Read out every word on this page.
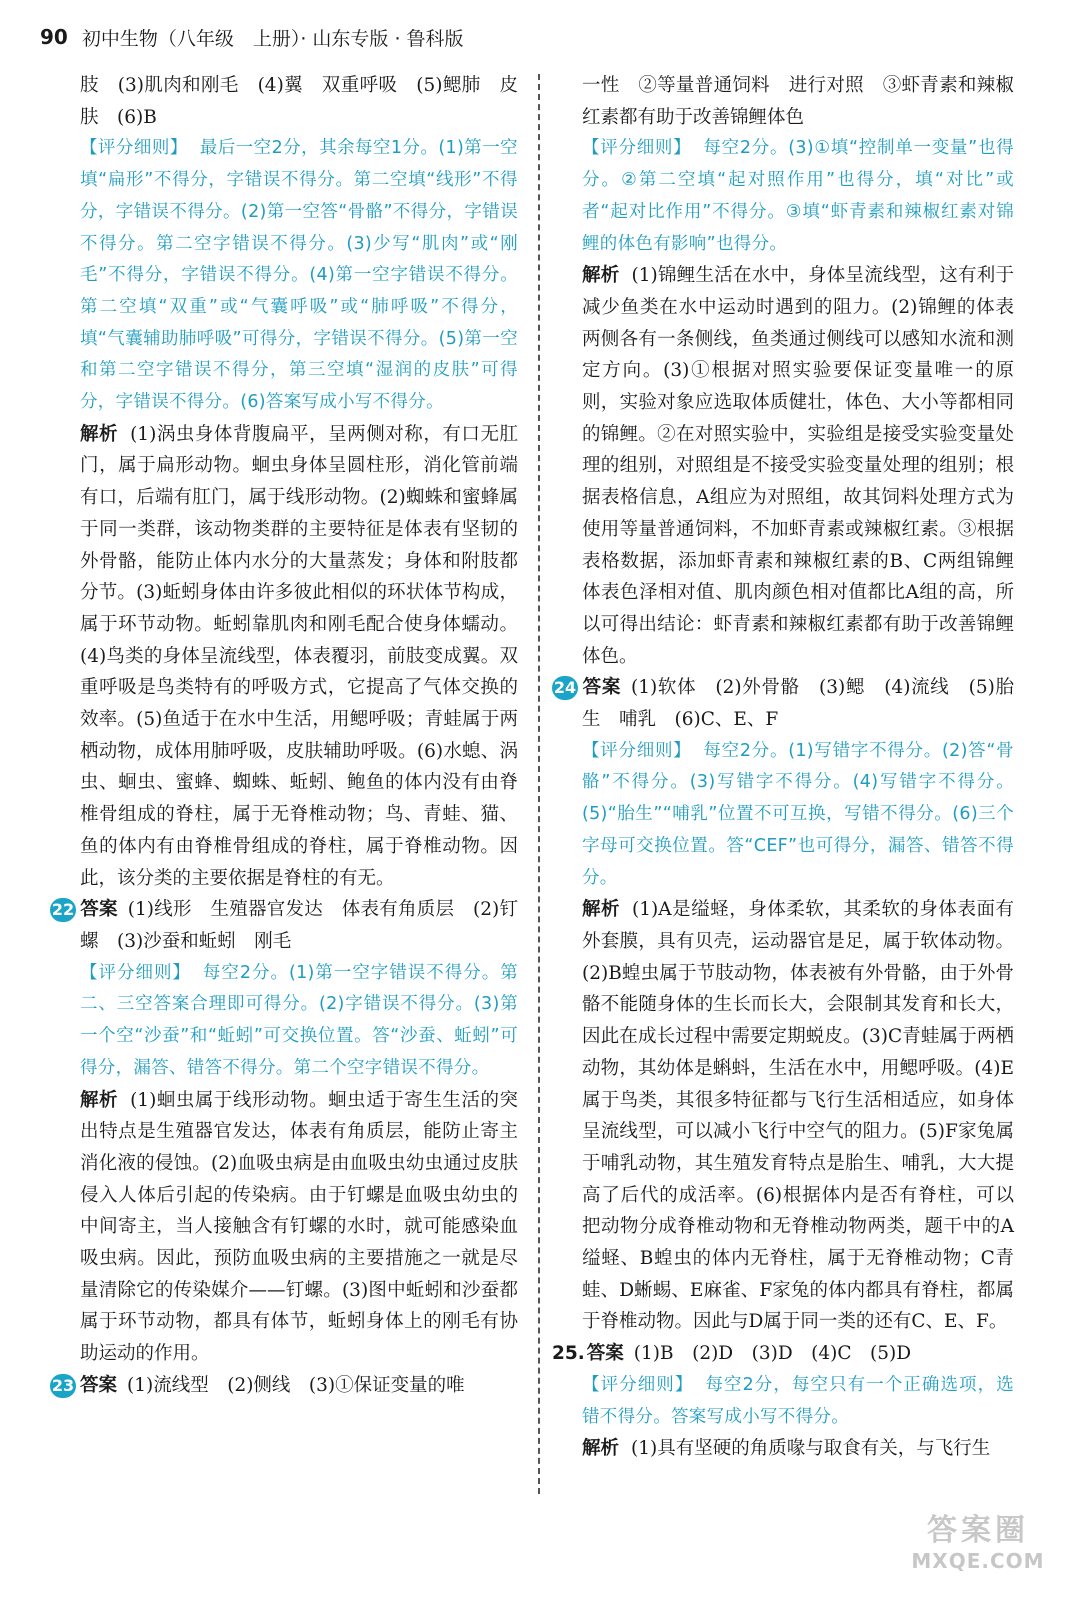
90 初中生物（八年级　上册）· 山东专版 · 鲁科版

肢　(3)肌肉和刚毛　(4)翼　双重呼吸　(5)鳃肺　皮肤　(6)B

【评分细则】 最后一空2分，其余每空1分。(1)第一空填“扁形”不得分，字错误不得分。第二空填“线形”不得分，字错误不得分。(2)第一空答“骨骼”不得分，字错误不得分。第二空字错误不得分。(3)少写“肌肉”或“刚毛”不得分，字错误不得分。(4)第一空字错误不得分。第二空填“双重”或“气囊呼吸”或“肺呼吸”不得分，填“气囊辅助肺呼吸”可得分，字错误不得分。(5)第一空和第二空字错误不得分，第三空填“湿润的皮肤”可得分，字错误不得分。(6)答案写成小写不得分。

解析 (1)涡虫身体背腹扁平，呈两侧对称，有口无肛门，属于扁形动物。蛔虫身体呈圆柱形，消化管前端有口，后端有肛门，属于线形动物。(2)蜘蛛和蜜蜂属于同一类群，该动物类群的主要特征是体表有坚韧的外骨骼，能防止体内水分的大量蒸发；身体和附肢都分节。(3)蚯蚓身体由许多彼此相似的环状体节构成，属于环节动物。蚯蚓靠肌肉和刚毛配合使身体蠕动。(4)鸟类的身体呈流线型，体表覆羽，前肢变成翼。双重呼吸是鸟类特有的呼吸方式，它提高了气体交换的效率。(5)鱼适于在水中生活，用鳃呼吸；青蛙属于两栖动物，成体用肺呼吸，皮肤辅助呼吸。(6)水螅、涡虫、蛔虫、蜜蜂、蜘蛛、蚯蚓、鲍鱼的体内没有由脊椎骨组成的脊柱，属于无脊椎动物；鸟、青蛙、猫、鱼的体内有由脊椎骨组成的脊柱，属于脊椎动物。因此，该分类的主要依据是脊柱的有无。

22 答案 (1)线形　生殖器官发达　体表有角质层　(2)钉螺　(3)沙蚕和蚯蚓　刚毛

【评分细则】 每空2分。(1)第一空字错误不得分。第二、三空答案合理即可得分。(2)字错误不得分。(3)第一个空“沙蚕”和“蚯蚓”可交换位置。答“沙蚕、蚯蚓”可得分，漏答、错答不得分。第二个空字错误不得分。

解析 (1)蛔虫属于线形动物。蛔虫适于寄生生活的突出特点是生殖器官发达，体表有角质层，能防止寄主消化液的侵蚀。(2)血吸虫病是由血吸虫幼虫通过皮肤侵入人体后引起的传染病。由于钉螺是血吸虫幼虫的中间寄主，当人接触含有钉螺的水时，就可能感染血吸虫病。因此，预防血吸虫病的主要措施之一就是尽量清除它的传染媒介——钉螺。(3)图中蚯蚓和沙蚕都属于环节动物，都具有体节，蚯蚓身体上的刚毛有协助运动的作用。

23 答案 (1)流线型　(2)侧线　(3)①保证变量的唯

一性　②等量普通饲料　进行对照　③虾青素和辣椒红素都有助于改善锦鲤体色

【评分细则】 每空2分。(3)①填“控制单一变量”也得分。②第二空填“起对照作用”也得分，填“对比”或者“起对比作用”不得分。③填“虾青素和辣椒红素对锦鲤的体色有影响”也得分。

解析 (1)锦鲤生活在水中，身体呈流线型，这有利于减少鱼类在水中运动时遇到的阻力。(2)锦鲤的体表两侧各有一条侧线，鱼类通过侧线可以感知水流和测定方向。(3)①根据对照实验要保证变量唯一的原则，实验对象应选取体质健壮，体色、大小等都相同的锦鲤。②在对照实验中，实验组是接受实验变量处理的组别，对照组是不接受实验变量处理的组别；根据表格信息，A组应为对照组，故其饲料处理方式为使用等量普通饲料，不加虾青素或辣椒红素。③根据表格数据，添加虾青素和辣椒红素的B、C两组锦鲤体表色泽相对值、肌肉颜色相对值都比A组的高，所以可得出结论：虾青素和辣椒红素都有助于改善锦鲤体色。

24 答案 (1)软体　(2)外骨骼　(3)鳃　(4)流线　(5)胎生　哺乳　(6)C、E、F

【评分细则】 每空2分。(1)写错字不得分。(2)答“骨骼”不得分。(3)写错字不得分。(4)写错字不得分。(5)“胎生”“哺乳”位置不可互换，写错不得分。(6)三个字母可交换位置。答“CEF”也可得分，漏答、错答不得分。

解析 (1)A是缢蛏，身体柔软，其柔软的身体表面有外套膜，具有贝壳，运动器官是足，属于软体动物。(2)B蝗虫属于节肢动物，体表被有外骨骼，由于外骨骼不能随身体的生长而长大，会限制其发育和长大，因此在成长过程中需要定期蜕皮。(3)C青蛙属于两栖动物，其幼体是蝌蚪，生活在水中，用鳃呼吸。(4)E属于鸟类，其很多特征都与飞行生活相适应，如身体呈流线型，可以减小飞行中空气的阻力。(5)F家兔属于哺乳动物，其生殖发育特点是胎生、哺乳，大大提高了后代的成活率。(6)根据体内是否有脊柱，可以把动物分成脊椎动物和无脊椎动物两类，题干中的A缢蛏、B蝗虫的体内无脊柱，属于无脊椎动物；C青蛙、D蜥蜴、E麻雀、F家兔的体内都具有脊柱，都属于脊椎动物。因此与D属于同一类的还有C、E、F。

25. 答案 (1)B　(2)D　(3)D　(4)C　(5)D

【评分细则】 每空2分，每空只有一个正确选项，选错不得分。答案写成小写不得分。

解析 (1)具有坚硬的角质喙与取食有关，与飞行生

答案圈
MXQE.COM
